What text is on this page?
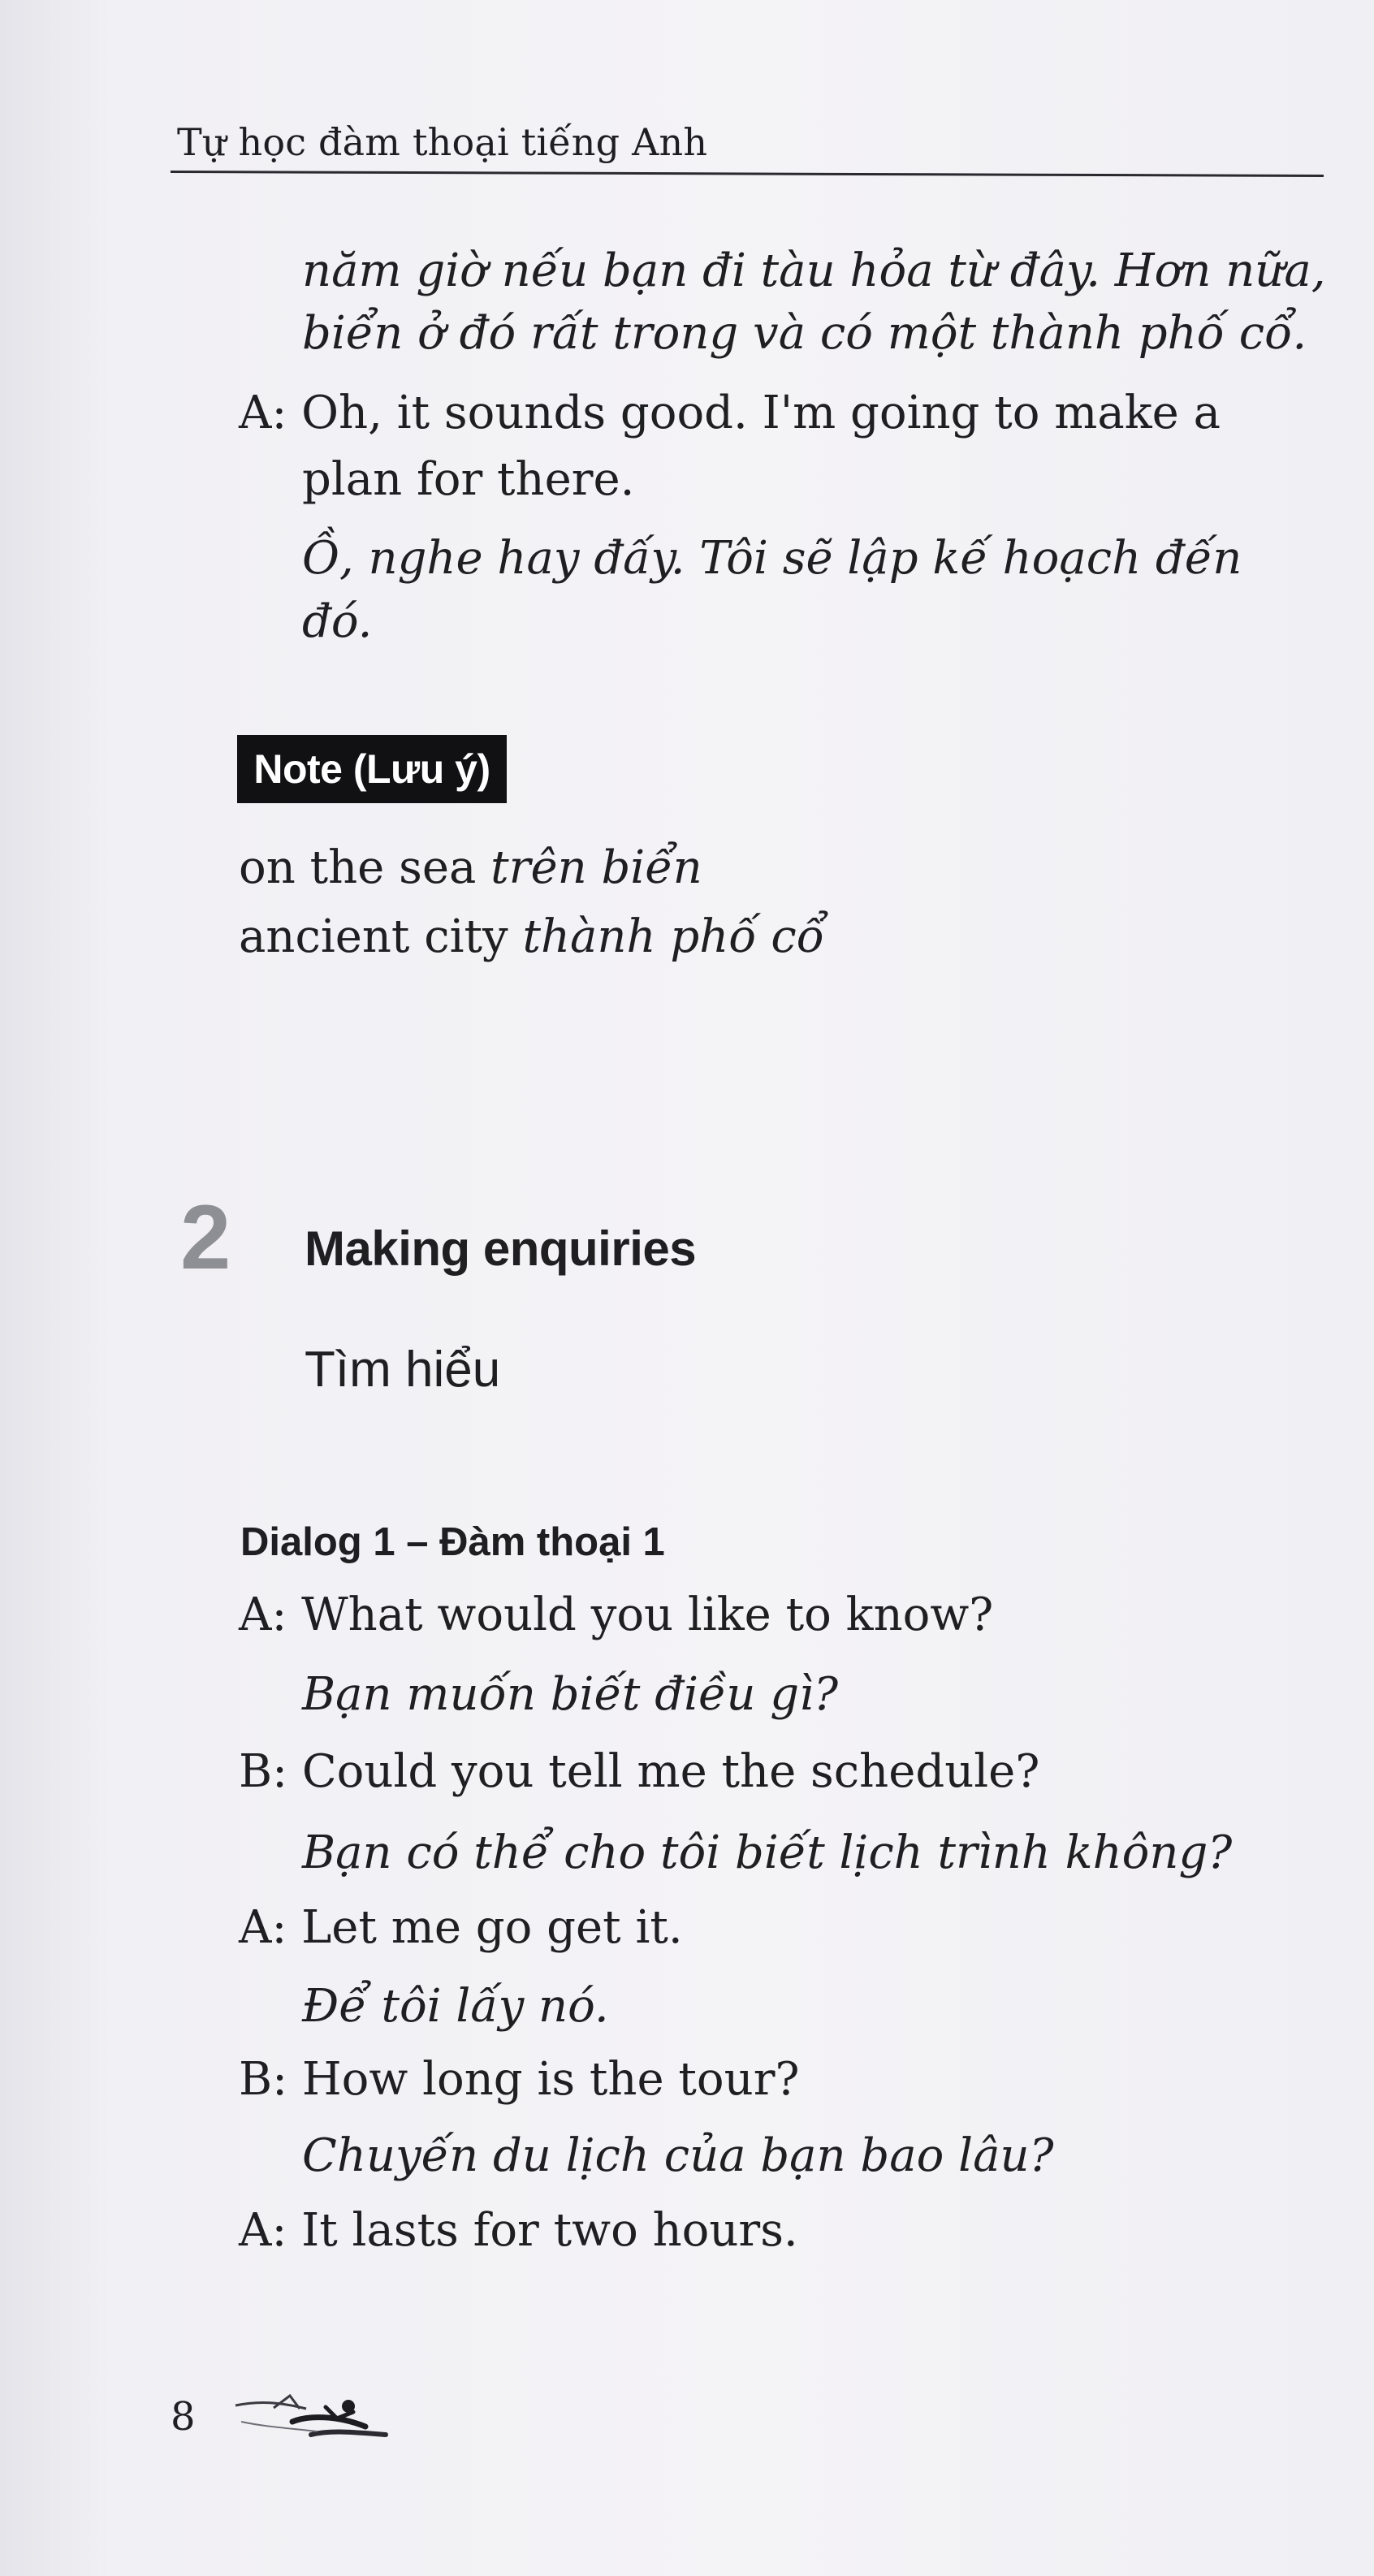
Tự học đàm thoại tiếng Anh
năm giờ nếu bạn đi tàu hỏa từ đây. Hơn nữa,
biển ở đó rất trong và có một thành phố cổ.
A: Oh, it sounds good. I'm going to make a
plan for there.
Ồ, nghe hay đấy. Tôi sẽ lập kế hoạch đến
đó.
Note (Lưu ý)
on the sea trên biển
ancient city thành phố cổ
2 Making enquiries
Tìm hiểu
Dialog 1 – Đàm thoại 1
A: What would you like to know?
Bạn muốn biết điều gì?
B: Could you tell me the schedule?
Bạn có thể cho tôi biết lịch trình không?
A: Let me go get it.
Để tôi lấy nó.
B: How long is the tour?
Chuyến du lịch của bạn bao lâu?
A: It lasts for two hours.
8
